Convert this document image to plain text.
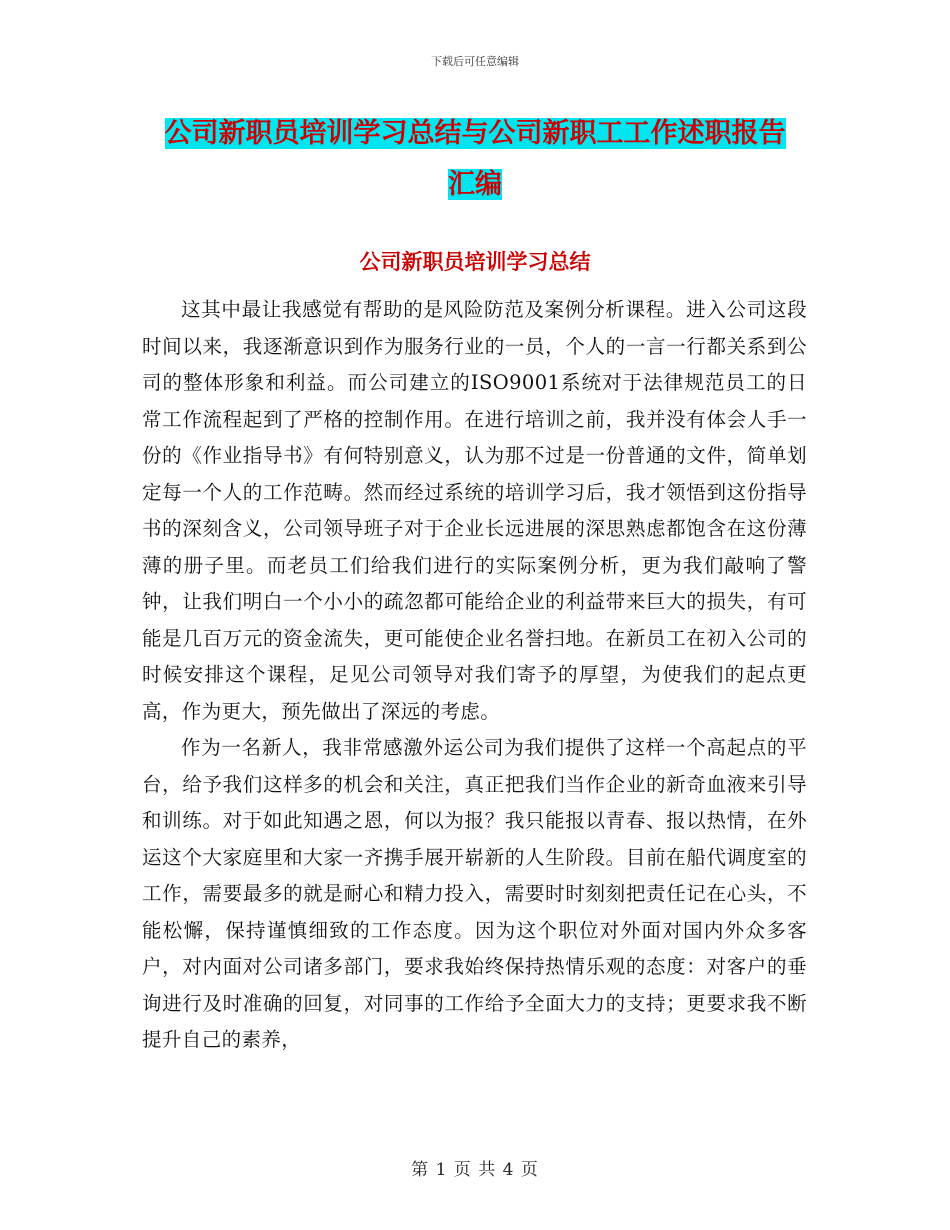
下载后可任意编辑
公司新职员培训学习总结与公司新职工工作述职报告
汇编
公司新职员培训学习总结

这其中最让我感觉有帮助的是风险防范及案例分析课程。进入公司这段时间以来，我逐渐意识到作为服务行业的一员，个人的一言一行都关系到公司的整体形象和利益。而公司建立的ISO9001系统对于法律规范员工的日常工作流程起到了严格的控制作用。在进行培训之前，我并没有体会人手一份的《作业指导书》有何特别意义，认为那不过是一份普通的文件，简单划定每一个人的工作范畴。然而经过系统的培训学习后，我才领悟到这份指导书的深刻含义，公司领导班子对于企业长远进展的深思熟虑都饱含在这份薄薄的册子里。而老员工们给我们进行的实际案例分析，更为我们敲响了警钟，让我们明白一个小小的疏忽都可能给企业的利益带来巨大的损失，有可能是几百万元的资金流失，更可能使企业名誉扫地。在新员工在初入公司的时候安排这个课程，足见公司领导对我们寄予的厚望，为使我们的起点更高，作为更大，预先做出了深远的考虑。

作为一名新人，我非常感激外运公司为我们提供了这样一个高起点的平台，给予我们这样多的机会和关注，真正把我们当作企业的新奇血液来引导和训练。对于如此知遇之恩，何以为报？我只能报以青春、报以热情，在外运这个大家庭里和大家一齐携手展开崭新的人生阶段。目前在船代调度室的工作，需要最多的就是耐心和精力投入，需要时时刻刻把责任记在心头，不能松懈，保持谨慎细致的工作态度。因为这个职位对外面对国内外众多客户，对内面对公司诸多部门，要求我始终保持热情乐观的态度：对客户的垂询进行及时准确的回复，对同事的工作给予全面大力的支持；更要求我不断提升自己的素养，

第 1 页 共 4 页
